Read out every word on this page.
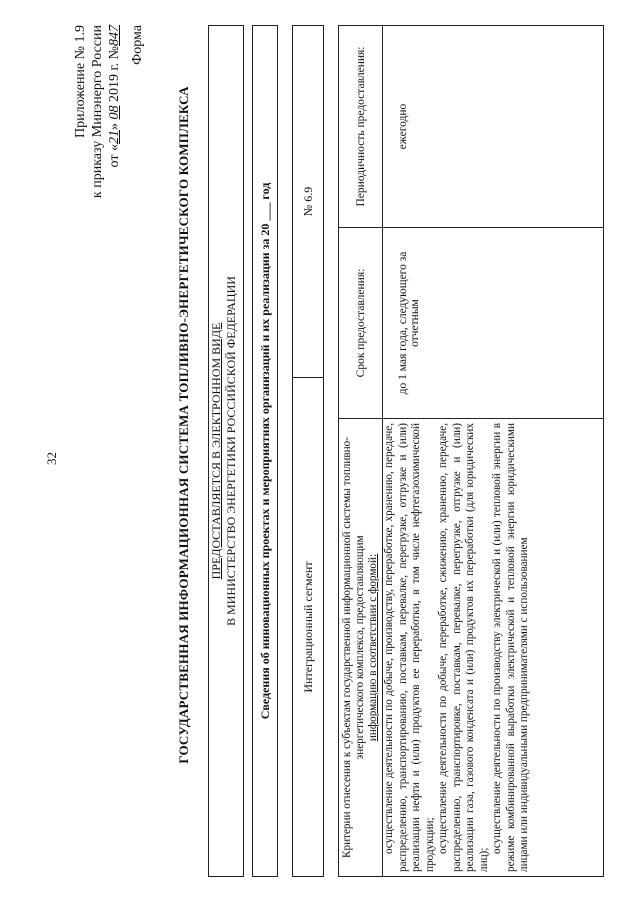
32
Приложение № 1.9 к приказу Минэнерго России от «21» 08 2019 г. №847 Форма
ГОСУДАРСТВЕННАЯ ИНФОРМАЦИОННАЯ СИСТЕМА ТОПЛИВНО-ЭНЕРГЕТИЧЕСКОГО КОМПЛЕКСА ПРЕДОСТАВЛЯЕТСЯ В ЭЛЕКТРОННОМ ВИДЕ В МИНИСТЕРСТВО ЭНЕРГЕТИКИ РОССИЙСКОЙ ФЕДЕРАЦИИ	Сведения об инновационных проектах и мероприятиях организаций и их реализации за 20 ___ год	Интеграционный сегмент
№ 6.9
Критерии отнесения к субъектам государственной информационной системы топливно-энергетического комплекса, предоставляющим информацию в соответствии с формой: осуществление деятельности по добыче, производству, переработке, хранению, передаче, распределению, транспортированию, поставкам, перевалке, перегрузке, отгрузке и (или) реализации нефти и (или) продуктов ее переработки, в том числе нефтегазохимической продукции; осуществление деятельности по добыче, переработке, сжижению, хранению, передаче, распределению, транспортировке, поставкам, перевалке, перегрузке, отгрузке и (или) реализации газа, газового конденсата и (или) продуктов их переработки (для юридических лиц);
осуществление деятельности по производству электрической и (или) тепловой энергии в режиме комбинированной выработки электрической и тепловой энергии юридическими лицами или индивидуальными предпринимателями с использованием
Срок предоставления:	до 1 мая года, следующего за отчетным
Периодичность предоставления:	ежегодно
